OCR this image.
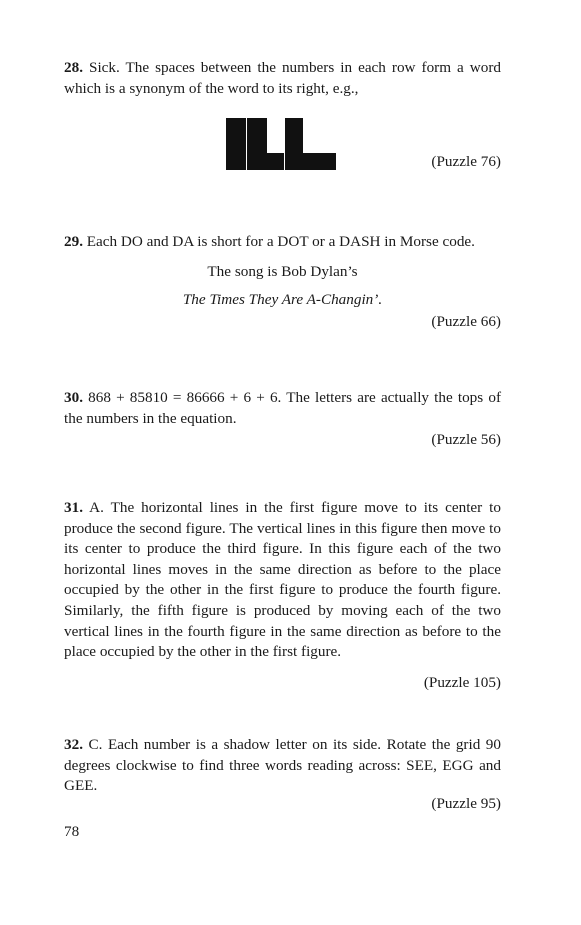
28. Sick. The spaces between the numbers in each row form a word which is a synonym of the word to its right, e.g.,

(Puzzle 76)

29. Each DO and DA is short for a DOT or a DASH in Morse code.

The song is Bob Dylan’s

The Times They Are A-Changin’.

(Puzzle 66)

30. 868 + 85810 = 86666 + 6 + 6. The letters are actually the tops of the numbers in the equation.

(Puzzle 56)

31. A. The horizontal lines in the first figure move to its center to produce the second figure. The vertical lines in this figure then move to its center to produce the third figure. In this figure each of the two horizontal lines moves in the same direction as before to the place occupied by the other in the first figure to produce the fourth figure. Similarly, the fifth figure is produced by moving each of the two vertical lines in the fourth figure in the same direction as before to the place occupied by the other in the first figure.

(Puzzle 105)

32. C. Each number is a shadow letter on its side. Rotate the grid 90 degrees clockwise to find three words reading across: SEE, EGG and GEE.

(Puzzle 95)

78
